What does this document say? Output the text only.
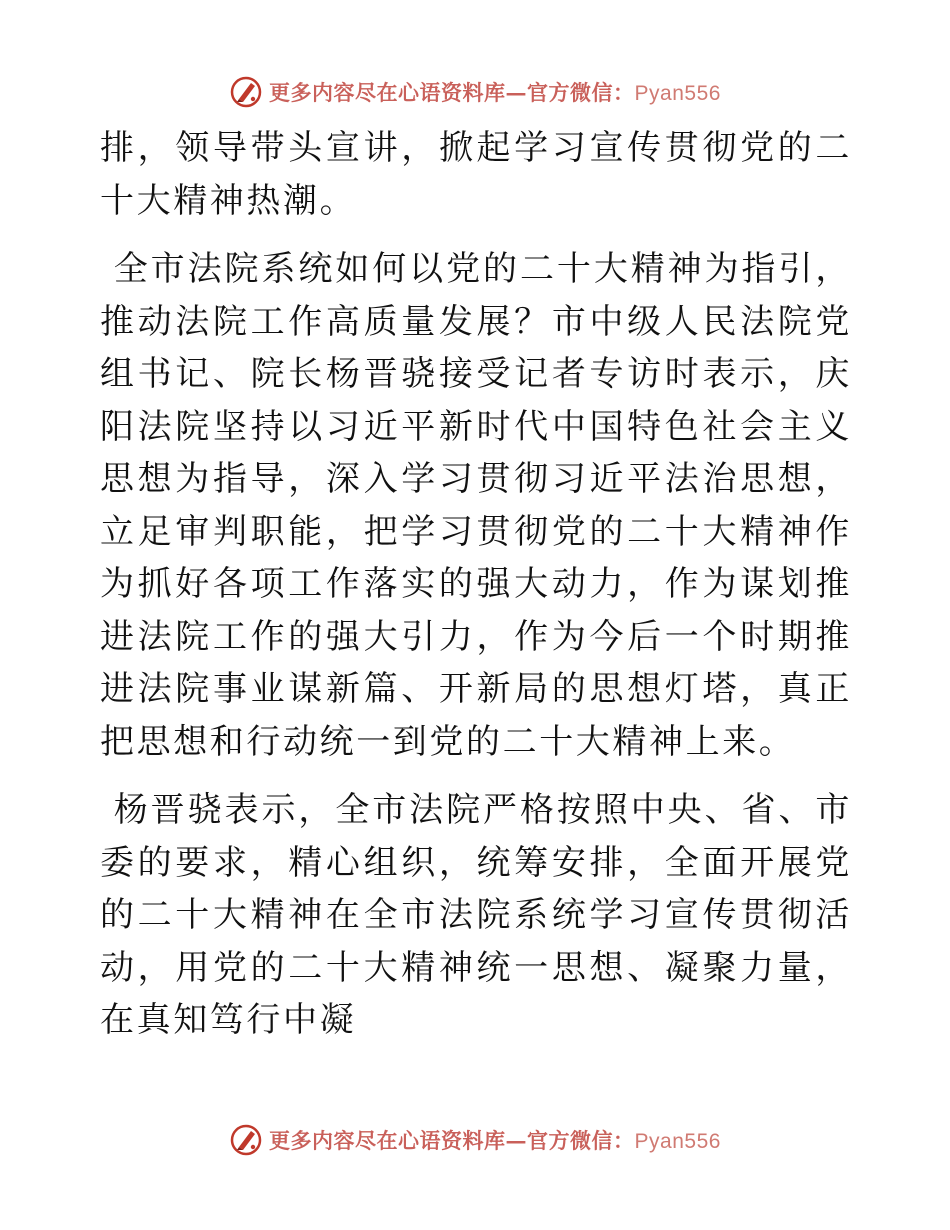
更多内容尽在心语资料库—官方微信：Pyan556

排，领导带头宣讲，掀起学习宣传贯彻党的二十大精神热潮。

全市法院系统如何以党的二十大精神为指引，推动法院工作高质量发展？市中级人民法院党组书记、院长杨晋骁接受记者专访时表示，庆阳法院坚持以习近平新时代中国特色社会主义思想为指导，深入学习贯彻习近平法治思想，立足审判职能，把学习贯彻党的二十大精神作为抓好各项工作落实的强大动力，作为谋划推进法院工作的强大引力，作为今后一个时期推进法院事业谋新篇、开新局的思想灯塔，真正把思想和行动统一到党的二十大精神上来。

杨晋骁表示，全市法院严格按照中央、省、市委的要求，精心组织，统筹安排，全面开展党的二十大精神在全市法院系统学习宣传贯彻活动，用党的二十大精神统一思想、凝聚力量，在真知笃行中凝

更多内容尽在心语资料库—官方微信：Pyan556
